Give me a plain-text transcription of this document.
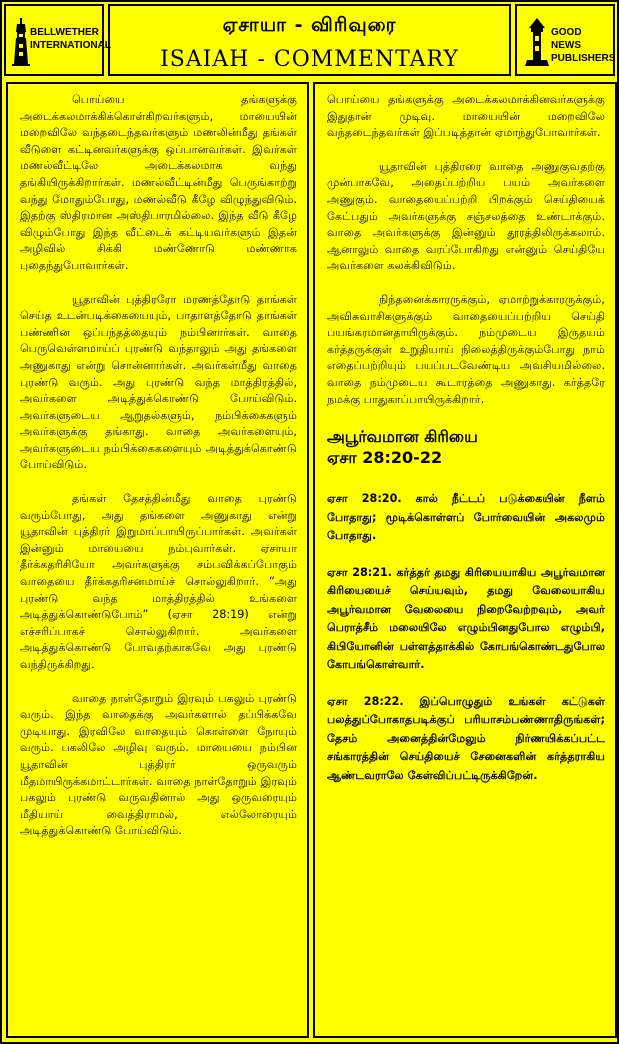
BELLWETHER INTERNATIONAL
ஏசாயா - விரிவுரை
ISAIAH - COMMENTARY
GOOD NEWS PUBLISHERS

பொய்யை தங்களுக்கு அடைக்கலமாக்கிக்கொள்கிறவர்களும், மாயையின் மறைவிலே வந்தடைந்தவர்களும் மணலின்மீது தங்கள் வீடுளை கட்டினவர்களுக்கு ஒப்பானவர்கள். இவர்கள் மணல்வீட்டிலே அடைக்கலமாக வந்து தங்கியிருக்கிறார்கள். மணல்வீட்டின்மீது பெருங்காற்று வந்து மோதும்போது, மணல்வீடு கீழே விழுந்துவிடும். இதற்கு ஸ்திரமான அஸ்திபாரமில்லை. இந்த வீடு கீழே விழும்போது இந்த வீட்டைக் கட்டியவர்களும் இதன் அழிவில் சிக்கி மண்ணோடு மண்ணாக புதைந்துபோவார்கள்.

யூதாவின் புத்திரரோ மரணத்தோடு தாங்கள் செய்த உடன்படிக்கையையும், பாதாளத்தோடு தாங்கள் பண்ணின ஒப்பந்தத்தையும் நம்பினார்கள். வாதை பெருவெள்ளமாய்ப் புரண்டு வந்தாலும் அது தங்களை அணுகாது என்று சொன்னார்கள். அவர்கள்மீது வாதை புரண்டு வரும். அது புரண்டு வந்த மாத்திரத்தில், அவர்களை அடித்துக்கொண்டு போய்விடும். அவர்களுடைய ஆறுதல்களும், நம்பிக்கைகளும் அவர்களுக்கு தங்காது. வாதை அவர்களையும், அவர்களுடைய நம்பிக்கைகளையும் அடித்துக்கொண்டு போய்விடும்.

தங்கள் தேசத்தின்மீது வாதை புரண்டு வரும்போது, அது தங்களை அணுகாது என்று யூதாவின் புத்திரர் இறுமாப்பாயிருப்பார்கள். அவர்கள் இன்னும் மாயையை நம்புவார்கள். ஏசாயா தீர்க்கதரிசியோ அவர்களுக்கு சம்பவிக்கப்போகும் வாதையை தீர்க்கதரிசனமாய்ச் சொல்லுகிறார். “அது புரண்டு வந்த மாத்திரத்தில் உங்களை அடித்துக்கொண்டுபோம்” (ஏசா 28:19) என்று எச்சரிப்பாகச் சொல்லுகிறார். அவர்களை அடித்துக்கொண்டு போவதற்காகவே அது புரண்டு வந்திருக்கிறது.

வாதை நாள்தோறும் இரவும் பகலும் புரண்டு வரும். இந்த வாதைக்கு அவர்களால் தப்பிக்கவே முடியாது. இரவிலே வாதையும் கொள்ளை நோயும் வரும். பகலிலே அழிவு வரும். மாயையை நம்பின யூதாவின் புத்திரர் ஒருவரும் மீதமாயிருக்கமாட்டார்கள். வாதை நாள்தோறும் இரவும் பகலும் புரண்டு வருவதினால் அது ஒருவரையும் மீதியாய் வைத்திராமல், எல்லோரையும் அடித்துக்கொண்டு போய்விடும்.

பொய்யை தங்களுக்கு அடைக்கலமாக்கினவர்களுக்கு இதுதான் முடிவு. மாயையின் மறைவிலே வந்தடைந்தவர்கள் இப்படித்தான் ஏமாந்துபோவார்கள்.

யூதாவின் புத்திரரை வாதை அணுகுவதற்கு முன்பாகவே, அதைப்பற்றிய பயம் அவர்களை அணுகும். வாதையைப்பற்றி பிறக்கும் செய்தியைக் கேட்பதும் அவர்களுக்கு சஞ்சலத்தை உண்டாக்கும். வாதை அவர்களுக்கு இன்னும் தூரத்திலிருக்கலாம். ஆனாலும் வாதை வரப்போகிறது என்னும் செய்தியே அவர்களை கலக்கிவிடும்.

நிந்தனைக்காரருக்கும், ஏமாற்றுக்காரருக்கும், அவிசுவாசிகளுக்கும் வாதையைப்பற்றிய செய்தி பயங்கரமானதாயிருக்கும். நம்முடைய இருதயம் கர்த்தருக்குள் உறுதியாய் நிலைத்திருக்கும்போது நாம் எதைப்பற்றியும் பயப்படவேண்டிய அவசியமில்லை. வாதை நம்முடைய கூடாரத்தை அணுகாது. கர்த்தரே நமக்கு பாதுகாப்பாயிருக்கிறார்.

அபூர்வமான கிரியை
ஏசா 28:20-22

ஏசா 28:20. கால் நீட்டப் படுக்கையின் நீளம் போதாது; மூடிக்கொள்ளப் போர்வையின் அகலமும் போதாது.

ஏசா 28:21. கர்த்தர் தமது கிரியையாகிய அபூர்வமான கிரியையைச் செய்யவும், தமது வேலையாகிய அபூர்வமான வேலையை நிறைவேற்றவும், அவர் பெராத்சீம் மலையிலே எழும்பினதுபோல எழும்பி, கிபியோனின் பள்ளத்தாக்கில் கோபங்கொண்டதுபோல கோபங்கொள்வார்.

ஏசா 28:22. இப்பொழுதும் உங்கள் கட்டுகள் பலத்துப்போகாதபடிக்குப் பரியாசம்பண்ணாதிருங்கள்; தேசம் அனைத்தின்மேலும் நிர்ணயிக்கப்பட்ட சங்காரத்தின் செய்தியைச் சேனைகளின் கர்த்தராகிய ஆண்டவராலே கேள்விப்பட்டிருக்கிறேன்.
